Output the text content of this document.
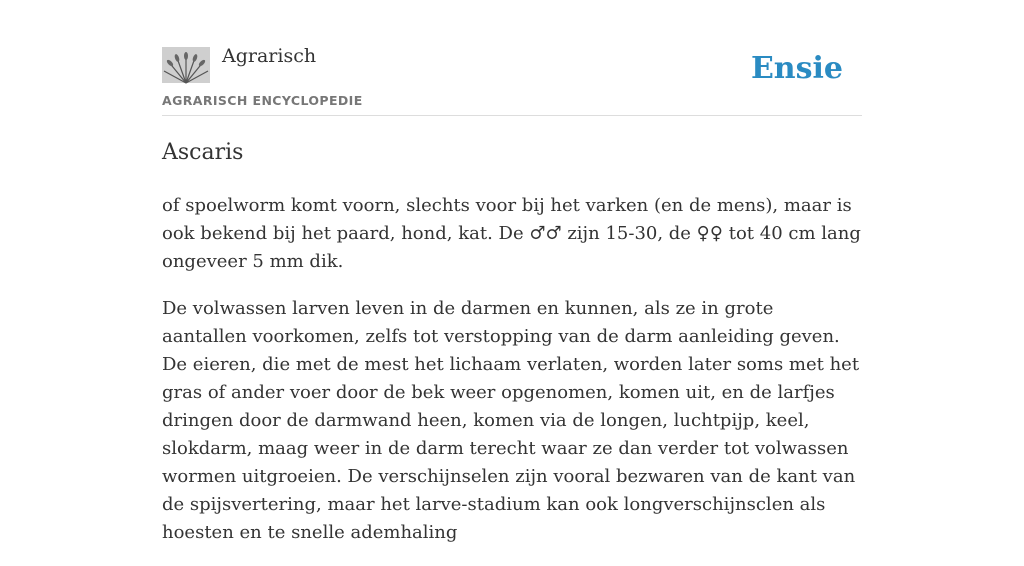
Agrarisch
AGRARISCH ENCYCLOPEDIE
Ensie
Ascaris

of spoelworm komt voorn, slechts voor bij het varken (en de mens), maar is ook bekend bij het paard, hond, kat. De ♂♂ zijn 15-30, de ♀♀ tot 40 cm lang ongeveer 5 mm dik.

De volwassen larven leven in de darmen en kunnen, als ze in grote aantallen voorkomen, zelfs tot verstopping van de darm aanleiding geven. De eieren, die met de mest het lichaam verlaten, worden later soms met het gras of ander voer door de bek weer opgenomen, komen uit, en de larfjes dringen door de darmwand heen, komen via de longen, luchtpijp, keel, slokdarm, maag weer in de darm terecht waar ze dan verder tot volwassen wormen uitgroeien. De verschijnselen zijn vooral bezwaren van de kant van de spijsvertering, maar het larve-stadium kan ook longverschijnsclen als hoesten en te snelle ademhaling
